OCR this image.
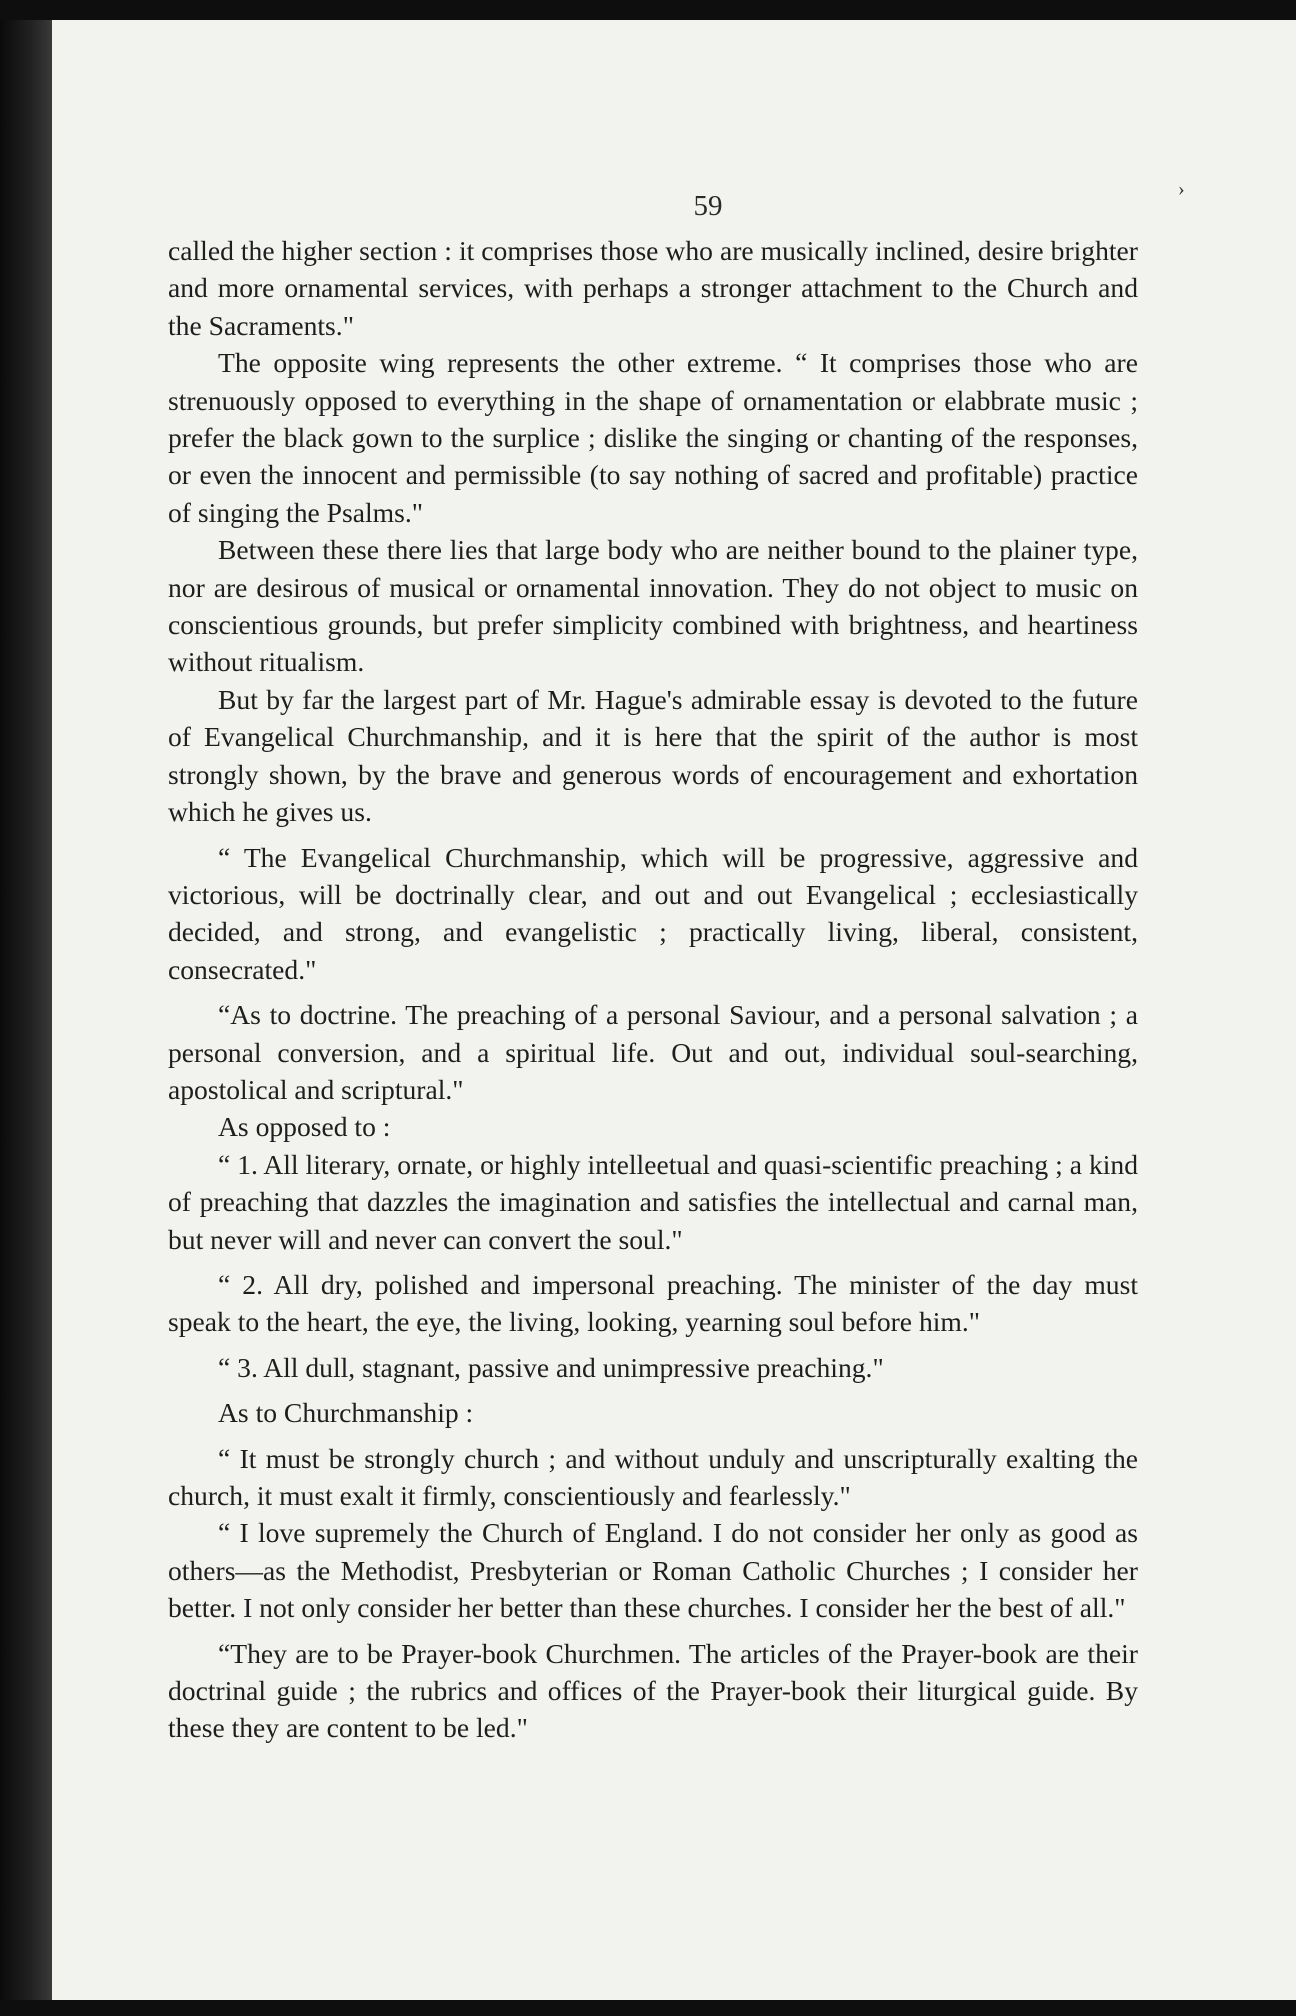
59

called the higher section : it comprises those who are musically inclined, desire brighter and more ornamental services, with perhaps a stronger attachment to the Church and the Sacraments."

The opposite wing represents the other extreme. “ It comprises those who are strenuously opposed to everything in the shape of ornamentation or elabbrate music ; prefer the black gown to the surplice ; dislike the singing or chanting of the responses, or even the innocent and permissible (to say nothing of sacred and profitable) practice of singing the Psalms."

Between these there lies that large body who are neither bound to the plainer type, nor are desirous of musical or ornamental innovation. They do not object to music on conscientious grounds, but prefer simplicity combined with brightness, and heartiness without ritualism.

But by far the largest part of Mr. Hague's admirable essay is devoted to the future of Evangelical Churchmanship, and it is here that the spirit of the author is most strongly shown, by the brave and generous words of encouragement and exhortation which he gives us.

“ The Evangelical Churchmanship, which will be progressive, aggressive and victorious, will be doctrinally clear, and out and out Evangelical ; ecclesiastically decided, and strong, and evangelistic ; practically living, liberal, consistent, consecrated."

“As to doctrine. The preaching of a personal Saviour, and a personal salvation ; a personal conversion, and a spiritual life. Out and out, individual soul-searching, apostolical and scriptural."

As opposed to :

“ 1. All literary, ornate, or highly intelleetual and quasi-scientific preaching ; a kind of preaching that dazzles the imagination and satisfies the intellectual and carnal man, but never will and never can convert the soul."

“ 2. All dry, polished and impersonal preaching. The minister of the day must speak to the heart, the eye, the living, looking, yearning soul before him."

“ 3. All dull, stagnant, passive and unimpressive preaching."

As to Churchmanship :

“ It must be strongly church ; and without unduly and unscripturally exalting the church, it must exalt it firmly, conscientiously and fearlessly."

“ I love supremely the Church of England. I do not consider her only as good as others—as the Methodist, Presbyterian or Roman Catholic Churches ; I consider her better. I not only consider her better than these churches. I consider her the best of all."

“They are to be Prayer-book Churchmen. The articles of the Prayer-book are their doctrinal guide ; the rubrics and offices of the Prayer-book their liturgical guide. By these they are content to be led."

›
